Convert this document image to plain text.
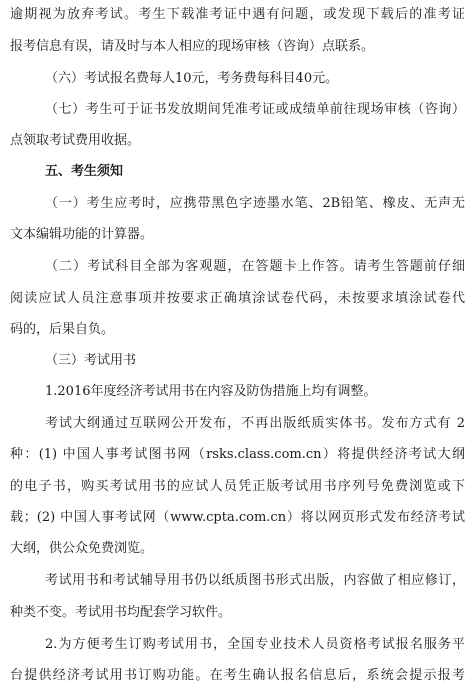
逾期视为放弃考试。考生下载准考证中遇有问题，或发现下载后的准考证
报考信息有误，请及时与本人相应的现场审核（咨询）点联系。
（六）考试报名费每人10元，考务费每科目40元。
（七）考生可于证书发放期间凭准考证或成绩单前往现场审核（咨询）
点领取考试费用收据。
五、考生须知
（一）考生应考时，应携带黑色字迹墨水笔、2B铅笔、橡皮、无声无
文本编辑功能的计算器。
（二）考试科目全部为客观题，在答题卡上作答。请考生答题前仔细
阅读应试人员注意事项并按要求正确填涂试卷代码，未按要求填涂试卷代
码的，后果自负。
（三）考试用书
1.2016年度经济考试用书在内容及防伪措施上均有调整。
考试大纲通过互联网公开发布，不再出版纸质实体书。发布方式有 2
种：(1) 中国人事考试图书网（rsks.class.com.cn）将提供经济考试大纲
的电子书，购买考试用书的应试人员凭正版考试用书序列号免费浏览或下
载；(2) 中国人事考试网（www.cpta.com.cn）将以网页形式发布经济考试
大纲，供公众免费浏览。
考试用书和考试辅导用书仍以纸质图书形式出版，内容做了相应修订，
种类不变。考试用书均配套学习软件。
2.为方便考生订购考试用书，全国专业技术人员资格考试报名服务平
台提供经济考试用书订购功能。在考生确认报名信息后，系统会提示报考
